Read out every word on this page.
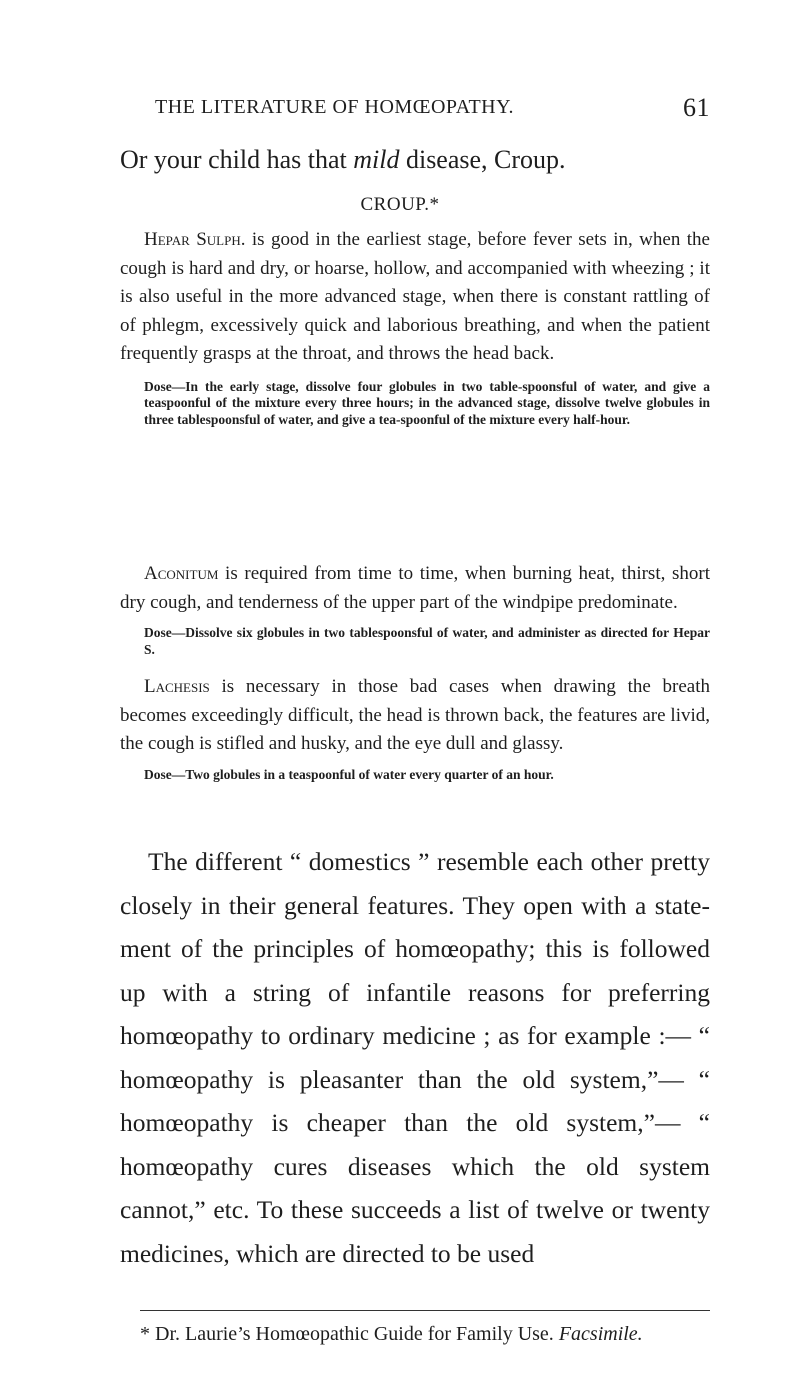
THE LITERATURE OF HOMŒOPATHY.	61
Or your child has that mild disease, Croup.
CROUP.*

Hepar Sulph. is good in the earliest stage, before fever sets in, when the cough is hard and dry, or hoarse, hollow, and accompanied with wheezing ; it is also useful in the more advanced stage, when there is constant rattling of of phlegm, excessively quick and laborious breathing, and when the patient frequently grasps at the throat, and throws the head back.

Dose—In the early stage, dissolve four globules in two table-spoonsful of water, and give a teaspoonful of the mixture every three hours; in the advanced stage, dissolve twelve globules in three tablespoonsful of water, and give a tea-spoonful of the mixture every half-hour.

Aconitum is required from time to time, when burning heat, thirst, short dry cough, and tenderness of the upper part of the windpipe predominate.

Dose—Dissolve six globules in two tablespoonsful of water, and administer as directed for Hepar S.

Lachesis is necessary in those bad cases when drawing the breath becomes exceedingly difficult, the head is thrown back, the features are livid, the cough is stifled and husky, and the eye dull and glassy.

Dose—Two globules in a teaspoonful of water every quarter of an hour.

The different “ domestics ” resemble each other pretty closely in their general features. They open with a state-ment of the principles of homœopathy; this is followed up with a string of infantile reasons for preferring homœopathy to ordinary medicine ; as for example :— “ homœopathy is pleasanter than the old system,”— “ homœopathy is cheaper than the old system,”— “ homœopathy cures diseases which the old system cannot,” etc. To these succeeds a list of twelve or twenty medicines, which are directed to be used

* Dr. Laurie’s Homœopathic Guide for Family Use. Facsimile.
